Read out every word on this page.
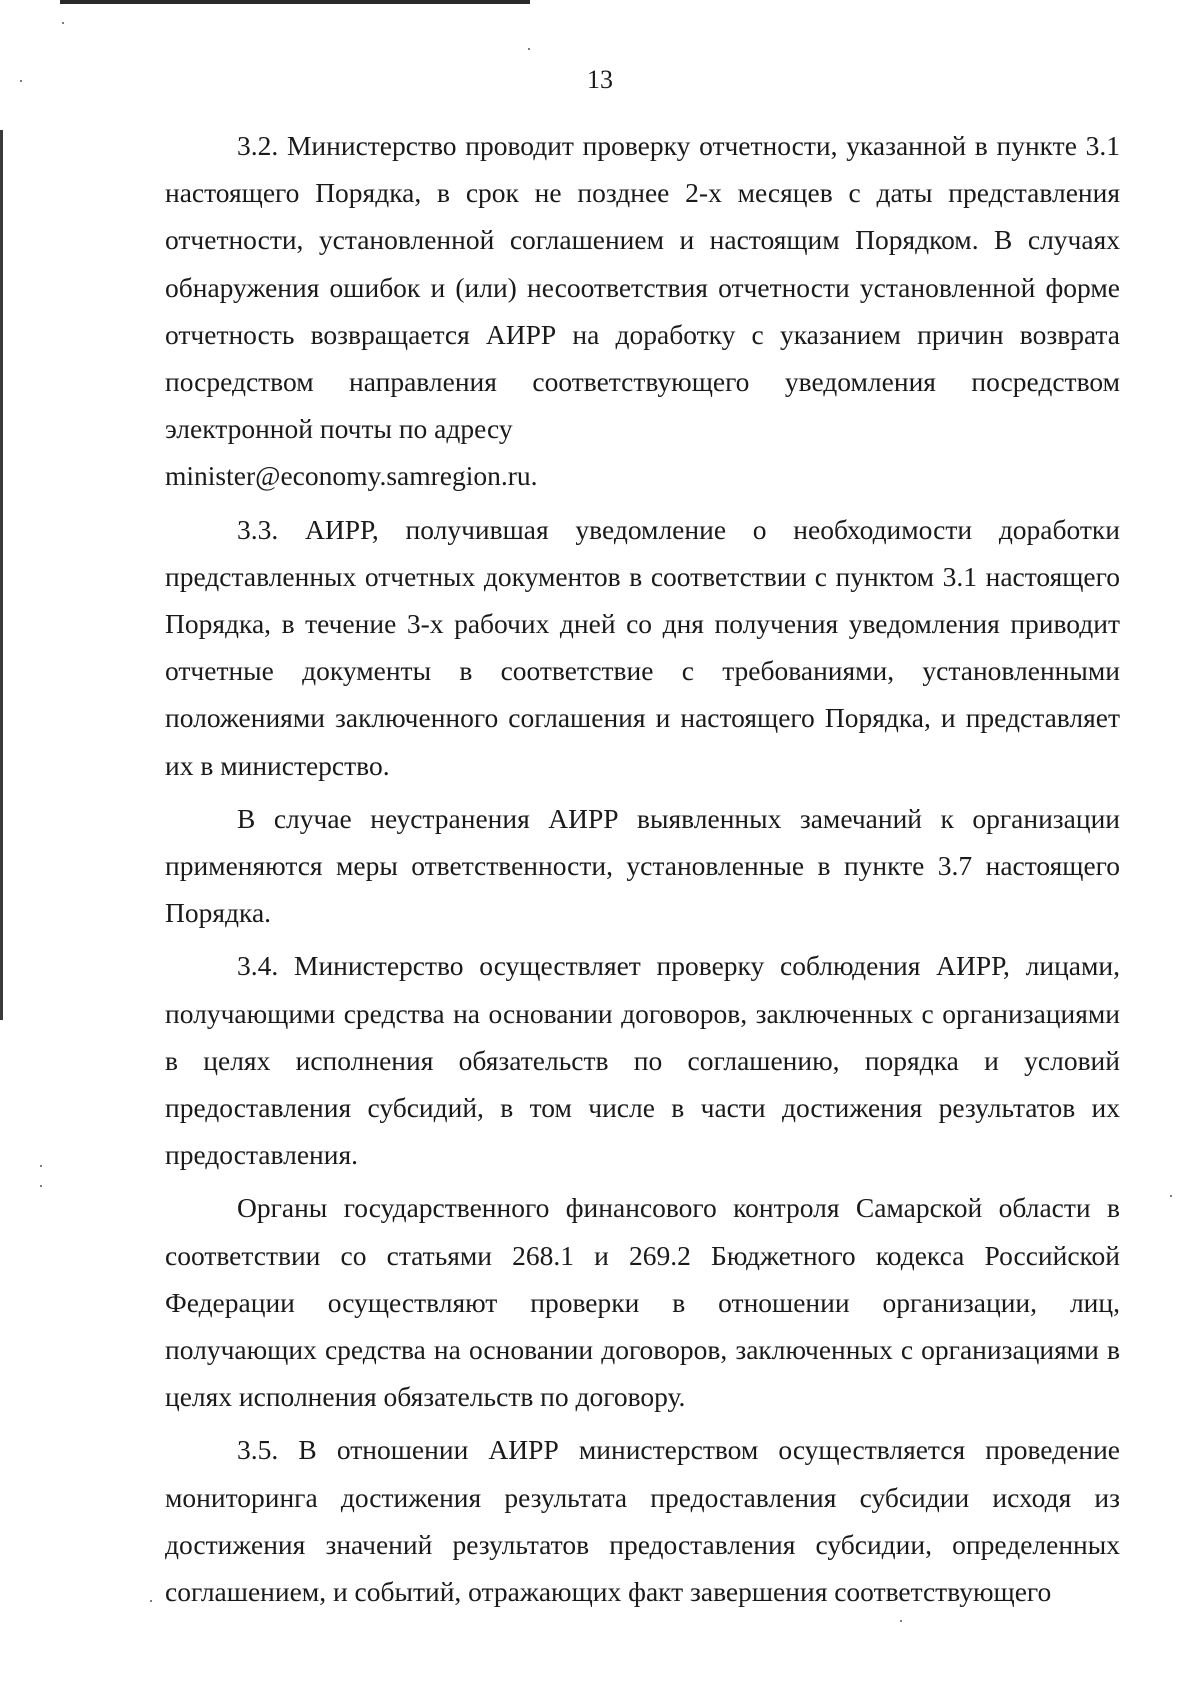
13

3.2. Министерство проводит проверку отчетности, указанной в пункте 3.1 настоящего Порядка, в срок не позднее 2-х месяцев с даты представления отчетности, установленной соглашением и настоящим Порядком. В случаях обнаружения ошибок и (или) несоответствия отчетности установленной форме отчетность возвращается АИРР на доработку с указанием причин возврата посредством направления соответствующего уведомления посредством электронной почты по адресу

minister@economy.samregion.ru.

3.3. АИРР, получившая уведомление о необходимости доработки представленных отчетных документов в соответствии с пунктом 3.1 настоящего Порядка, в течение 3-х рабочих дней со дня получения уведомления приводит отчетные документы в соответствие с требованиями, установленными положениями заключенного соглашения и настоящего Порядка, и представляет их в министерство.

В случае неустранения АИРР выявленных замечаний к организации применяются меры ответственности, установленные в пункте 3.7 настоящего Порядка.

3.4. Министерство осуществляет проверку соблюдения АИРР, лицами, получающими средства на основании договоров, заключенных с организациями в целях исполнения обязательств по соглашению, порядка и условий предоставления субсидий, в том числе в части достижения результатов их предоставления.

Органы государственного финансового контроля Самарской области в соответствии со статьями 268.1 и 269.2 Бюджетного кодекса Российской Федерации осуществляют проверки в отношении организации, лиц, получающих средства на основании договоров, заключенных с организациями в целях исполнения обязательств по договору.

3.5. В отношении АИРР министерством осуществляется проведение мониторинга достижения результата предоставления субсидии исходя из достижения значений результатов предоставления субсидии, определенных соглашением, и событий, отражающих факт завершения соответствующего
